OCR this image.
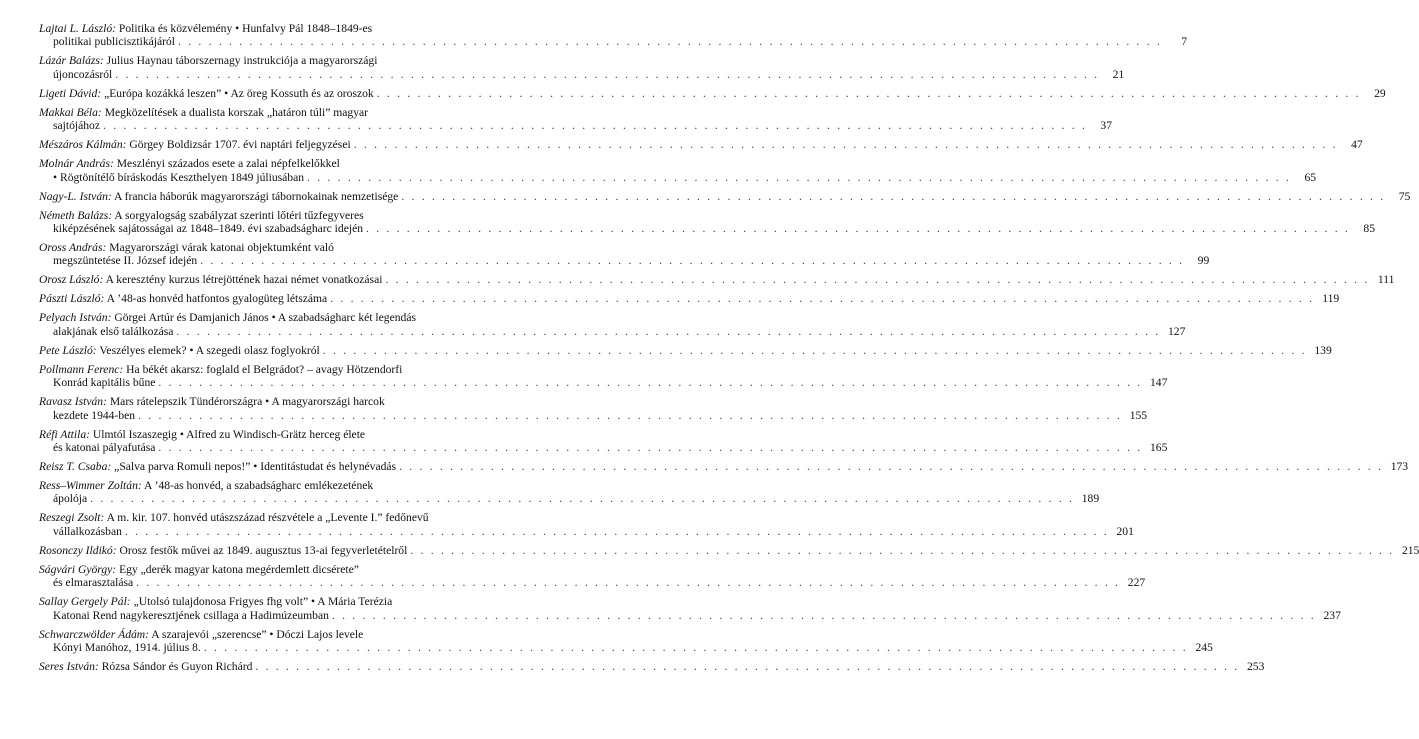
Lajtai L. László: Politika és közvélemény • Hunfalvy Pál 1848–1849-es
politikai publicisztikájáról . . .	7
Lázár Balázs: Julius Haynau táborszernagy instrukciója a magyarországi
újoncozásról . . .	21
Ligeti Dávid: „Európa kozákká leszen” • Az öreg Kossuth és az oroszok . . .	29
Makkai Béla: Megközelítések a dualista korszak „határon túli” magyar
sajtójához . . .	37
Mészáros Kálmán: Görgey Boldizsár 1707. évi naptári feljegyzései . . .	47
Molnár András: Meszlényi százados esete a zalai népfelkelőkkel
• Rögtönítélő bíráskodás Keszthelyen 1849 júliusában . . .	65
Nagy-L. István: A francia háborúk magyarországi tábornokainak nemzetisége . . .	75
Németh Balázs: A sorgyalogság szabályzat szerinti lőtéri tűzfegyveres
kiképzésének sajátosságai az 1848–1849. évi szabadságharc idején . . .	85
Oross András: Magyarországi várak katonai objektumként való
megszüntetése II. József idején . . .	99
Orosz László: A keresztény kurzus létrejöttének hazai német vonatkozásai . . .	111
Pászti László: A ’48-as honvéd hatfontos gyalogüteg létszáma . . .	119
Pelyach István: Görgei Artúr és Damjanich János • A szabadságharc két legendás
alakjának első találkozása . . .	127
Pete László: Veszélyes elemek? • A szegedi olasz foglyokról . . .	139
Pollmann Ferenc: Ha békét akarsz: foglald el Belgrádot? – avagy Hötzendorfi
Konrád kapitális bűne . . .	147
Ravasz István: Mars rátelepszik Tündérországra • A magyarországi harcok
kezdete 1944-ben . . .	155
Réfi Attila: Ulmtól Iszaszegig • Alfred zu Windisch-Grätz herceg élete
és katonai pályafutása . . .	165
Reisz T. Csaba: „Salva parva Romuli nepos!” • Identitástudat és helynévadás . . .	173
Ress–Wimmer Zoltán: A ’48-as honvéd, a szabadságharc emlékezetének
ápolója . . .	189
Reszegi Zsolt: A m. kir. 107. honvéd utászszázad részvétele a „Levente I.” fedőnevű
vállalkozásban . . .	201
Rosonczy Ildikó: Orosz festők művei az 1849. augusztus 13-ai fegyverletételről . . .	215
Ságvári György: Egy „derék magyar katona megérdemlett dicsérete”
és elmarasztalása . . .	227
Sallay Gergely Pál: „Utolsó tulajdonosa Frigyes fhg volt” • A Mária Terézia
Katonai Rend nagykeresztjének csillaga a Hadimúzeumban . . .	237
Schwarczwölder Ádám: A szarajevói „szerencse” • Dóczi Lajos levele
Kónyi Manóhoz, 1914. július 8. . . .	245
Seres István: Rózsa Sándor és Guyon Richárd . . .	253
